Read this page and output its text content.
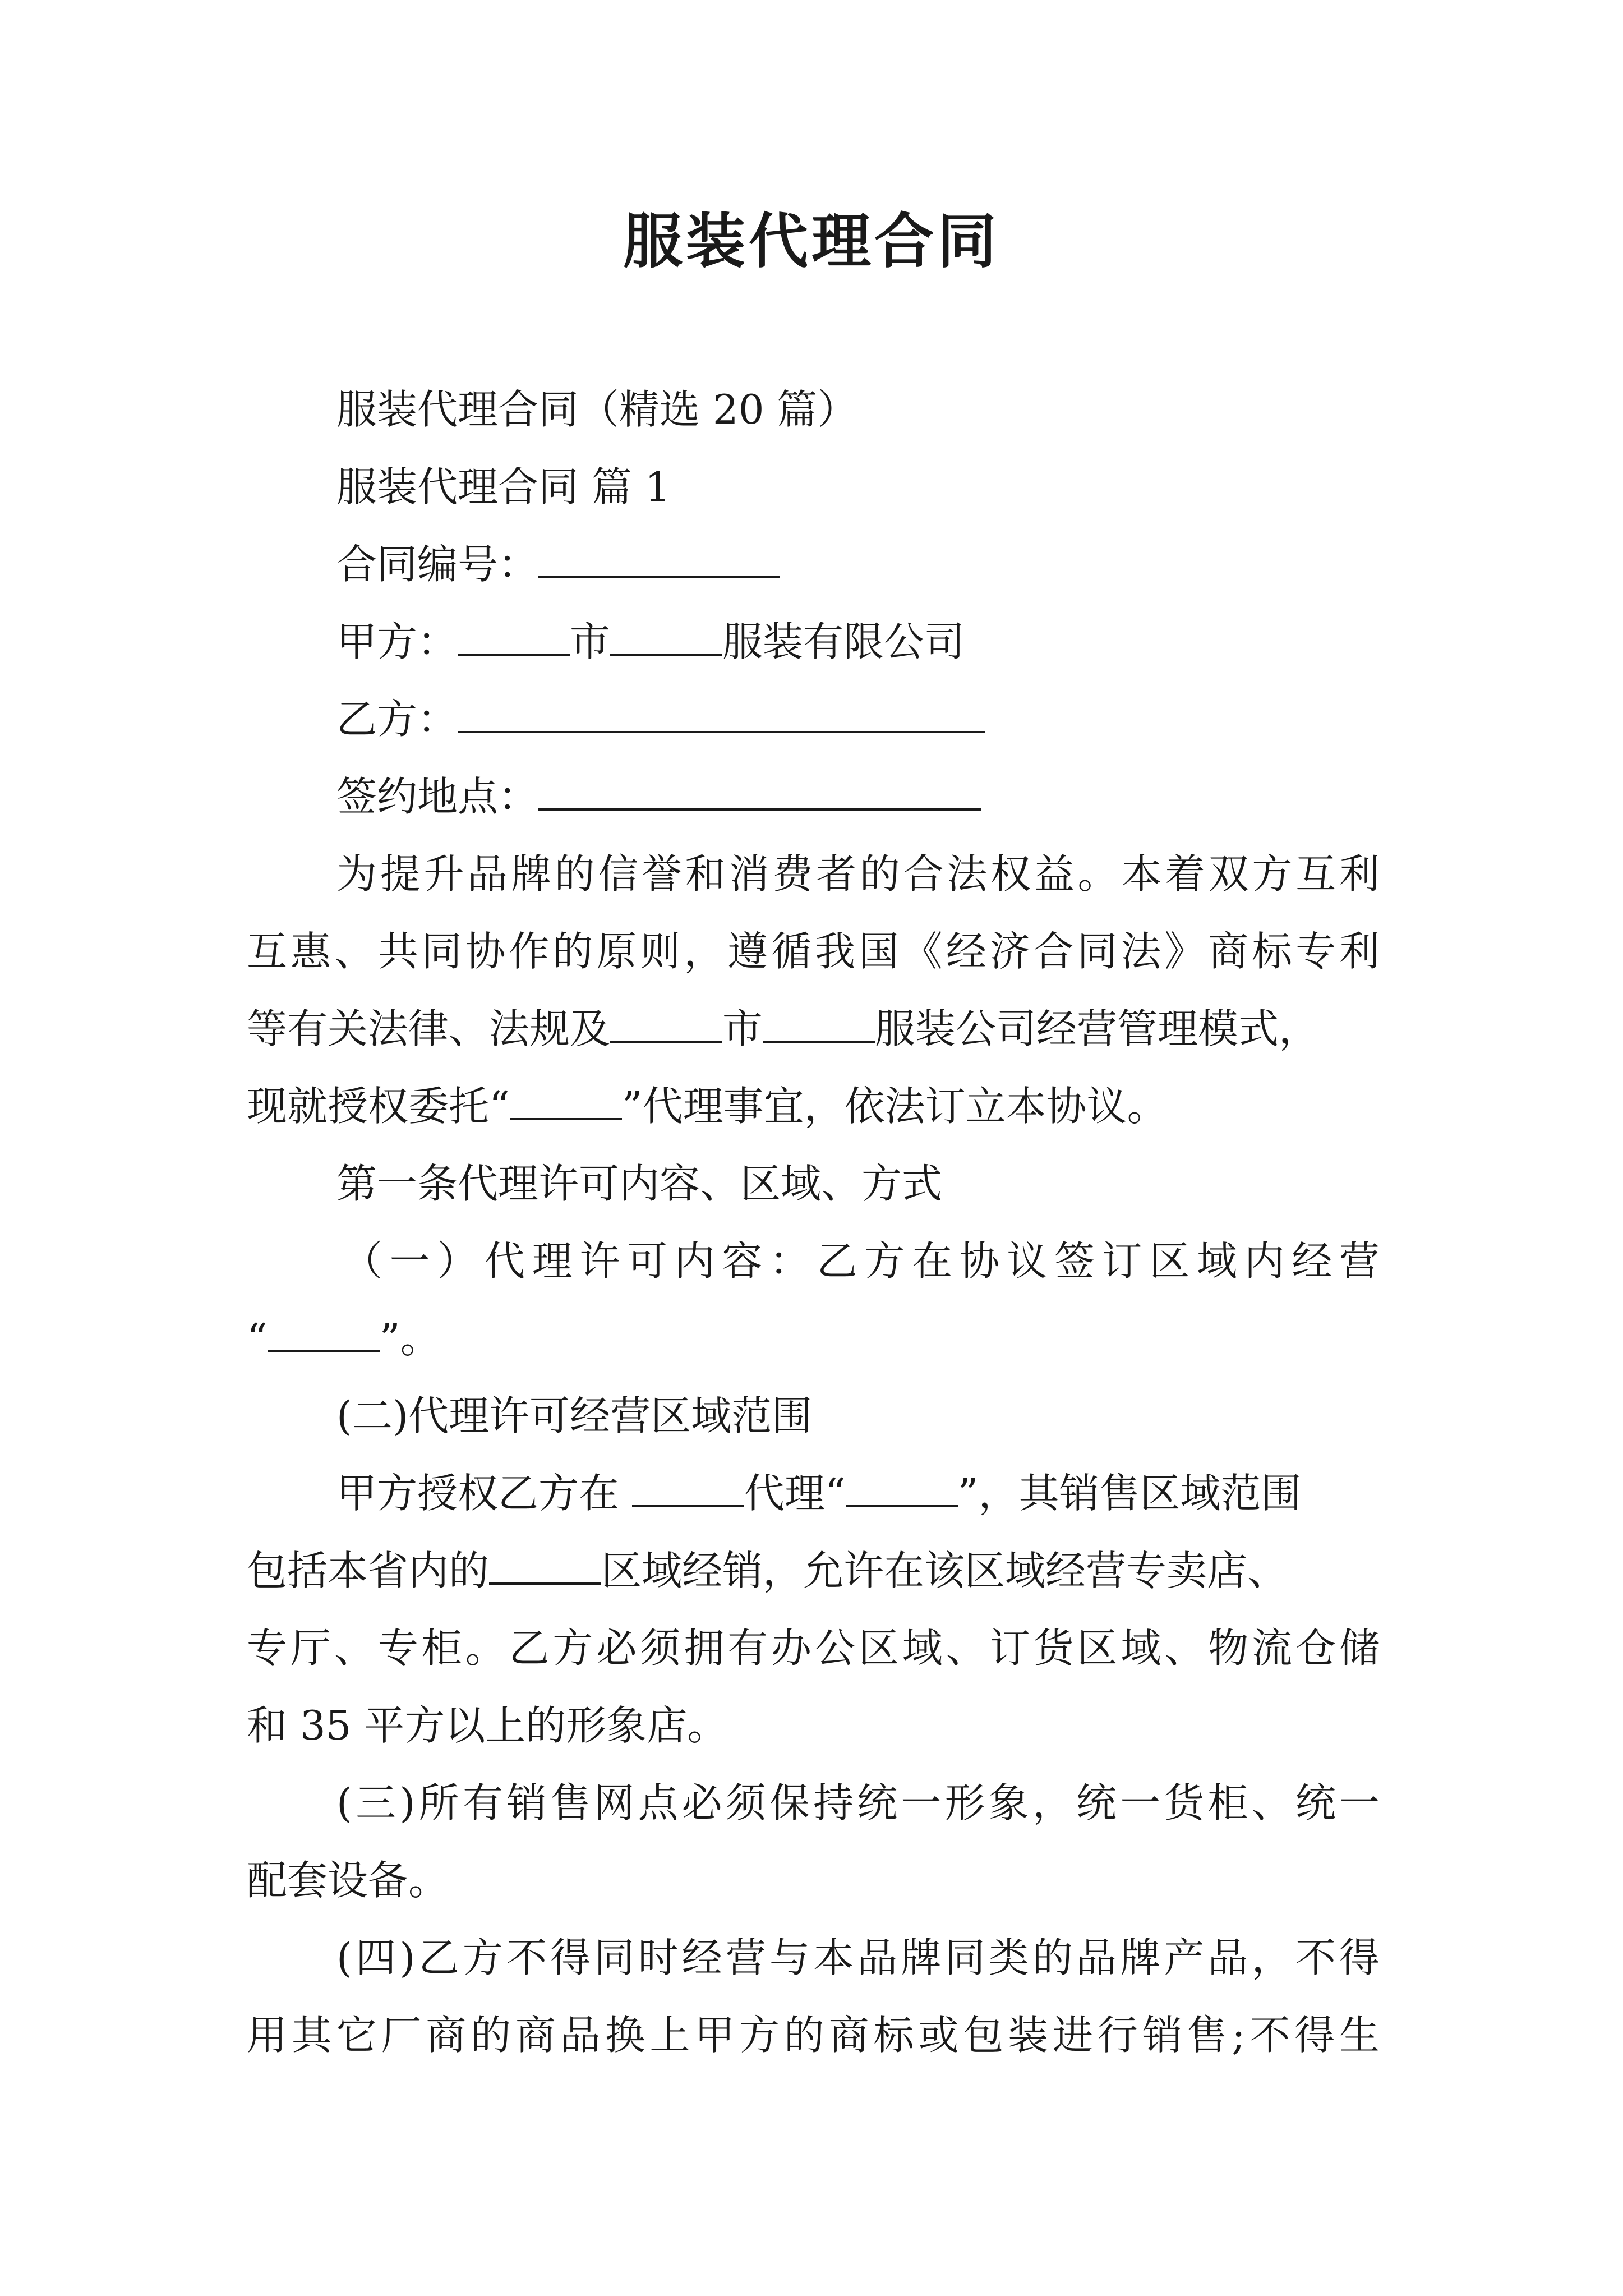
服装代理合同
服装代理合同（精选 20 篇）
服装代理合同 篇 1
合同编号：
甲方：	市	服装有限公司
乙方：
签约地点：
为提升品牌的信誉和消费者的合法权益。本着双方互利
互惠、共同协作的原则，遵循我国《经济合同法》商标专利
等有关法律、法规及	市	服装公司经营管理模式，
现就授权委托“	”代理事宜，依法订立本协议。
第一条代理许可内容、区域、方式
（一）代理许可内容：乙方在协议签订区域内经营
“	”。
(二)代理许可经营区域范围
甲方授权乙方在	代理“	”，其销售区域范围
包括本省内的	区域经销，允许在该区域经营专卖店、
专厅、专柜。乙方必须拥有办公区域、订货区域、物流仓储
和 35 平方以上的形象店。
(三)所有销售网点必须保持统一形象，统一货柜、统一
配套设备。
(四)乙方不得同时经营与本品牌同类的品牌产品，不得
用其它厂商的商品换上甲方的商标或包装进行销售;不得生
